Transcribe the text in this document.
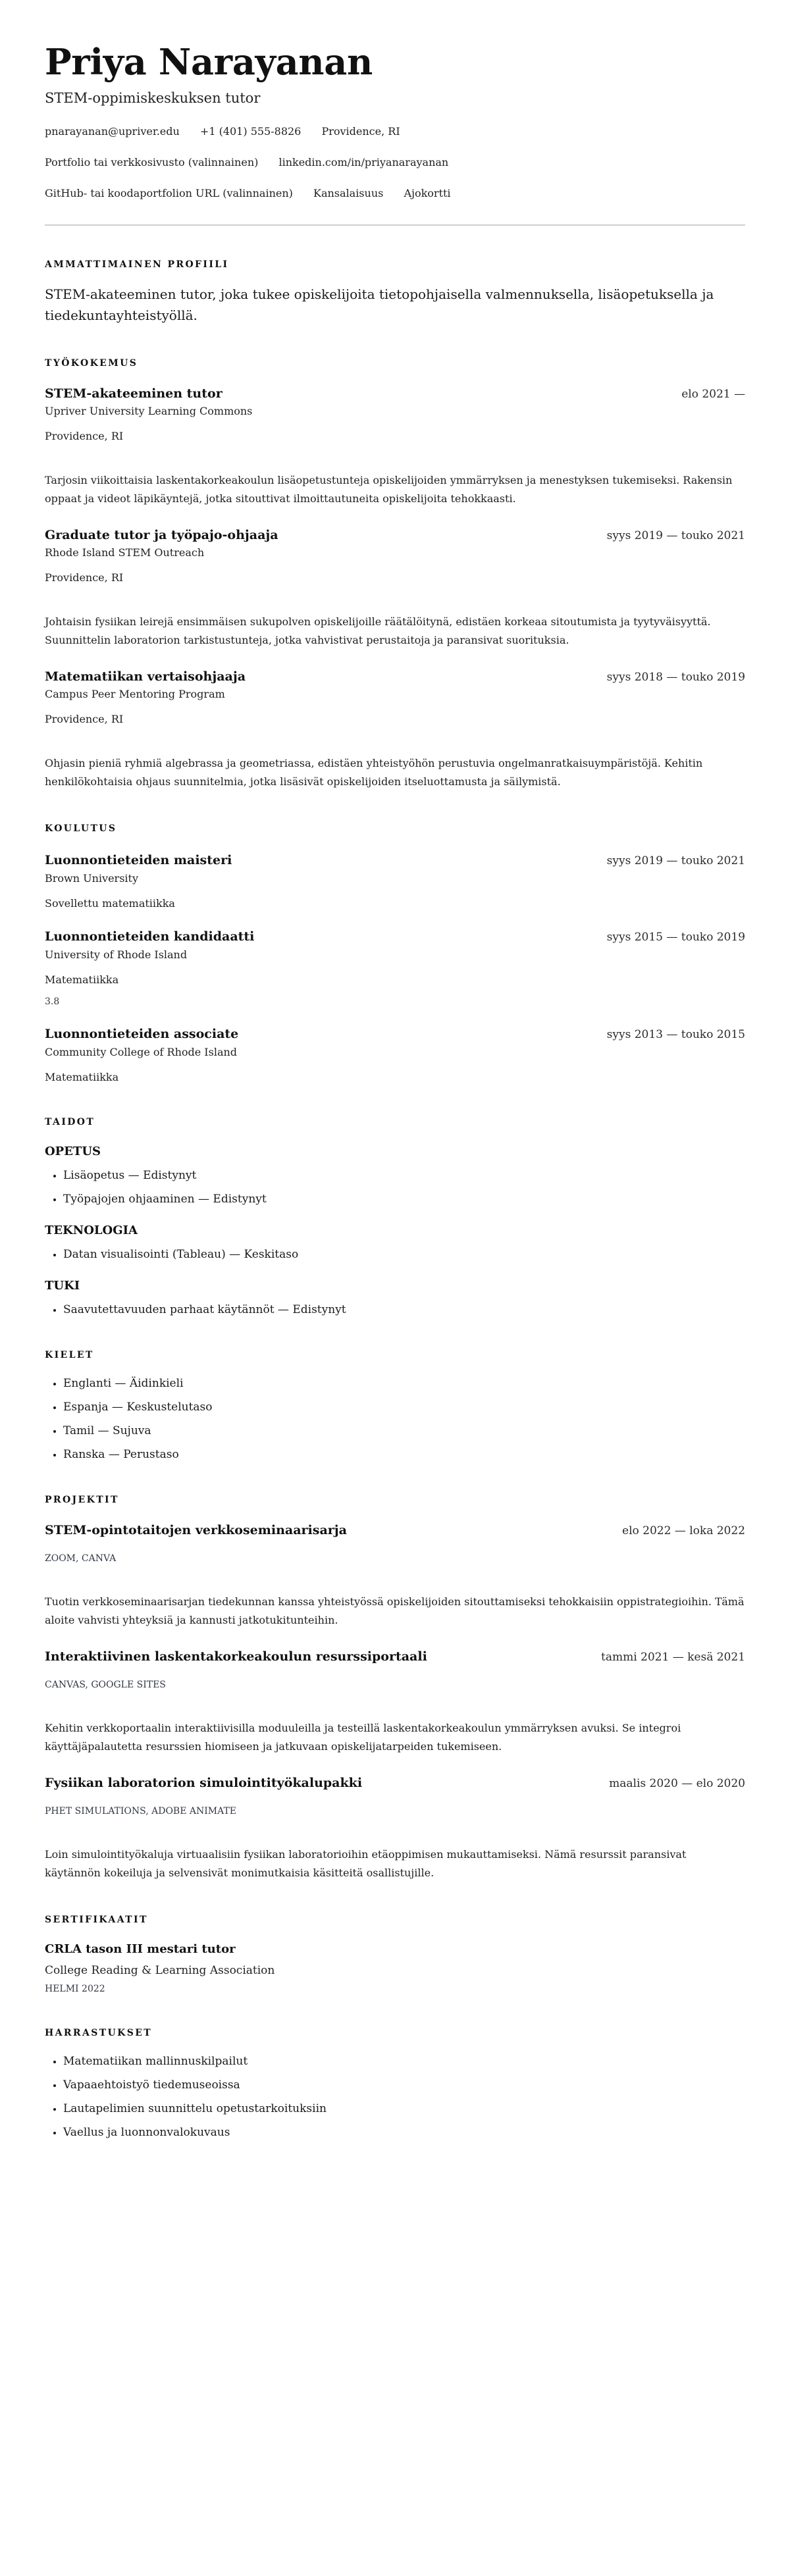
Priya Narayanan
STEM-oppimiskeskuksen tutor
pnarayanan@upriver.edu +1 (401) 555-8826 Providence, RI
Portfolio tai verkkosivusto (valinnainen) linkedin.com/in/priyanarayanan
GitHub- tai koodaportfolion URL (valinnainen) Kansalaisuus Ajokortti
AMMATTIMAINEN PROFIILI
STEM-akateeminen tutor, joka tukee opiskelijoita tietopohjaisella valmennuksella, lisäopetuksella ja tiedekuntayhteistyöllä.
TYÖKOKEMUS
STEM-akateeminen tutor	elo 2021 —
Upriver University Learning Commons
Providence, RI
Tarjosin viikoittaisia laskentakorkeakoulun lisäopetustunteja opiskelijoiden ymmärryksen ja menestyksen tukemiseksi. Rakensin oppaat ja videot läpikäyntejä, jotka sitouttivat ilmoittautuneita opiskelijoita tehokkaasti.
Graduate tutor ja työpajo-ohjaaja	syys 2019 — touko 2021
Rhode Island STEM Outreach
Providence, RI
Johtaisin fysiikan leirejä ensimmäisen sukupolven opiskelijoille räätälöitynä, edistäen korkeaa sitoutumista ja tyytyväisyyttä. Suunnittelin laboratorion tarkistustunteja, jotka vahvistivat perustaitoja ja paransivat suorituksia.
Matematiikan vertaisohjaaja	syys 2018 — touko 2019
Campus Peer Mentoring Program
Providence, RI
Ohjasin pieniä ryhmiä algebrassa ja geometriassa, edistäen yhteistyöhön perustuvia ongelmanratkaisuympäristöjä. Kehitin henkilökohtaisia ohjaus suunnitelmia, jotka lisäsivät opiskelijoiden itseluottamusta ja säilymistä.
KOULUTUS
Luonnontieteiden maisteri	syys 2019 — touko 2021
Brown University
Sovellettu matematiikka
Luonnontieteiden kandidaatti	syys 2015 — touko 2019
University of Rhode Island
Matematiikka
3.8
Luonnontieteiden associate	syys 2013 — touko 2015
Community College of Rhode Island
Matematiikka
TAIDOT
OPETUS
• Lisäopetus — Edistynyt
• Työpajojen ohjaaminen — Edistynyt
TEKNOLOGIA
• Datan visualisointi (Tableau) — Keskitaso
TUKI
• Saavutettavuuden parhaat käytännöt — Edistynyt
KIELET
• Englanti — Äidinkieli
• Espanja — Keskustelutaso
• Tamil — Sujuva
• Ranska — Perustaso
PROJEKTIT
STEM-opintotaitojen verkkoseminaarisarja	elo 2022 — loka 2022
ZOOM, CANVA
Tuotin verkkoseminaarisarjan tiedekunnan kanssa yhteistyössä opiskelijoiden sitouttamiseksi tehokkaisiin oppistrategioihin. Tämä aloite vahvisti yhteyksiä ja kannusti jatkotukitunteihin.
Interaktiivinen laskentakorkeakoulun resurssiportaali	tammi 2021 — kesä 2021
CANVAS, GOOGLE SITES
Kehitin verkkoportaalin interaktiivisilla moduuleilla ja testeillä laskentakorkeakoulun ymmärryksen avuksi. Se integroi käyttäjäpalautetta resurssien hiomiseen ja jatkuvaan opiskelijatarpeiden tukemiseen.
Fysiikan laboratorion simulointityökalupakki	maalis 2020 — elo 2020
PHET SIMULATIONS, ADOBE ANIMATE
Loin simulointityökaluja virtuaalisiin fysiikan laboratorioihin etäoppimisen mukauttamiseksi. Nämä resurssit paransivat käytännön kokeiluja ja selvensivät monimutkaisia käsitteitä osallistujille.
SERTIFIKAATIT
CRLA tason III mestari tutor
College Reading & Learning Association
HELMI 2022
HARRASTUKSET
• Matematiikan mallinnuskilpailut
• Vapaaehtoistyö tiedemuseoissa
• Lautapelimien suunnittelu opetustarkoituksiin
• Vaellus ja luonnonvalokuvaus
